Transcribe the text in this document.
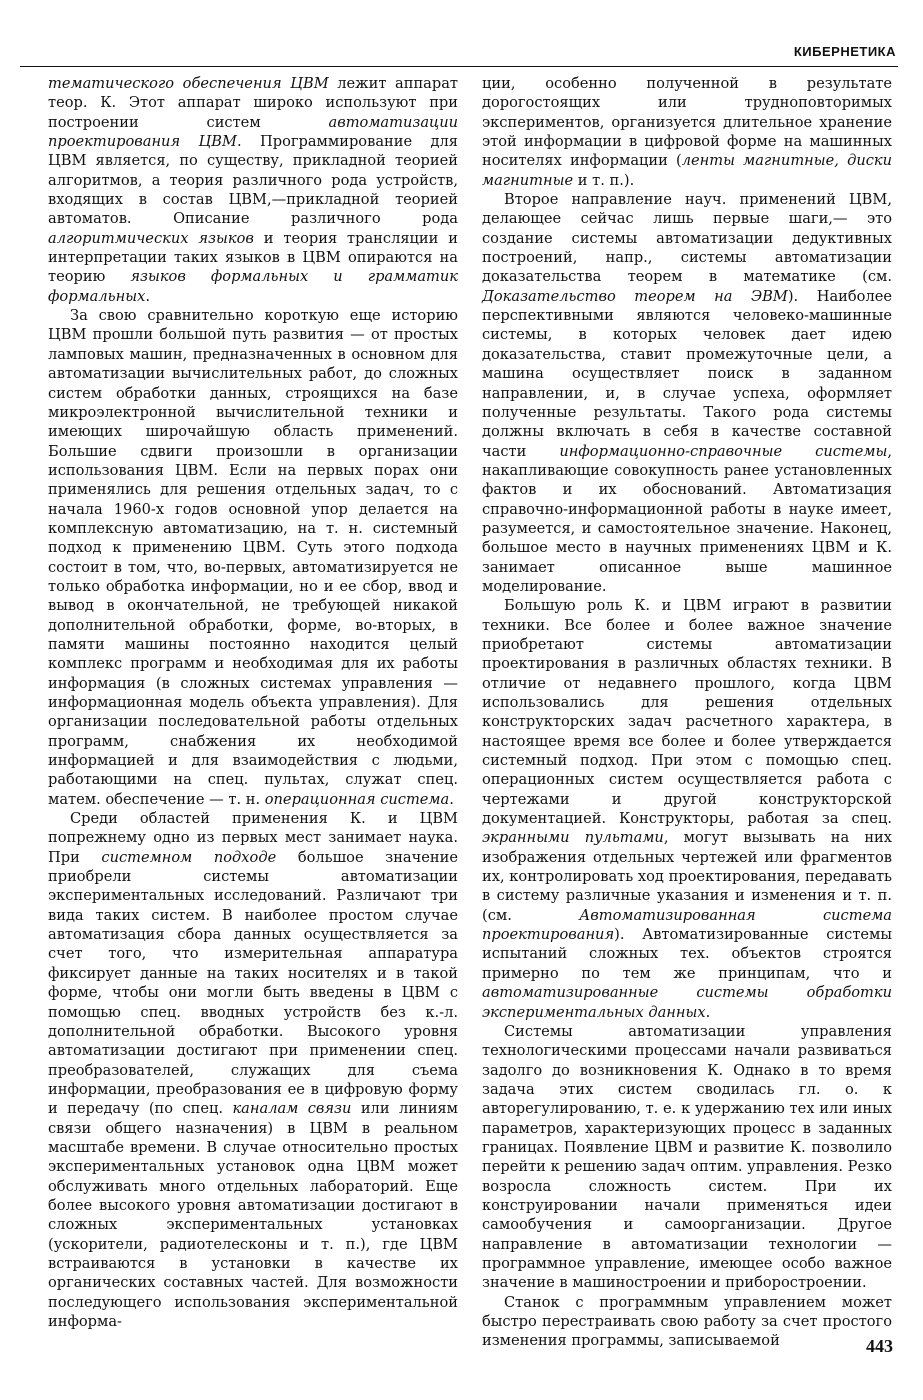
КИБЕРНЕТИКА

тематического обеспечения ЦВМ лежит аппарат теор. К. Этот аппарат широко используют при построении систем автоматизации проектирования ЦВМ. Программирование для ЦВМ является, по существу, прикладной теорией алгоритмов, а теория различного рода устройств, входящих в состав ЦВМ,—прикладной теорией автоматов. Описание различного рода алгоритмических языков и теория трансляции и интерпретации таких языков в ЦВМ опираются на теорию языков формальных и грамматик формальных.

За свою сравнительно короткую еще историю ЦВМ прошли большой путь развития — от простых ламповых машин, предназначенных в основном для автоматизации вычислительных работ, до сложных систем обработки данных, строящихся на базе микроэлектронной вычислительной техники и имеющих широчайшую область применений. Большие сдвиги произошли в организации использования ЦВМ. Если на первых порах они применялись для решения отдельных задач, то с начала 1960-х годов основной упор делается на комплексную автоматизацию, на т. н. системный подход к применению ЦВМ. Суть этого подхода состоит в том, что, во-первых, автоматизируется не только обработка информации, но и ее сбор, ввод и вывод в окончательной, не требующей никакой дополнительной обработки, форме, во-вторых, в памяти машины постоянно находится целый комплекс программ и необходимая для их работы информация (в сложных системах управления — информационная модель объекта управления). Для организации последовательной работы отдельных программ, снабжения их необходимой информацией и для взаимодействия с людьми, работающими на спец. пультах, служат спец. матем. обеспечение — т. н. операционная система.

Среди областей применения К. и ЦВМ попрежнему одно из первых мест занимает наука. При системном подходе большое значение приобрели системы автоматизации экспериментальных исследований. Различают три вида таких систем. В наиболее простом случае автоматизация сбора данных осуществляется за счет того, что измерительная аппаратура фиксирует данные на таких носителях и в такой форме, чтобы они могли быть введены в ЦВМ с помощью спец. вводных устройств без к.-л. дополнительной обработки. Высокого уровня автоматизации достигают при применении спец. преобразователей, служащих для съема информации, преобразования ее в цифровую форму и передачу (по спец. каналам связи или линиям связи общего назначения) в ЦВМ в реальном масштабе времени. В случае относительно простых экспериментальных установок одна ЦВМ может обслуживать много отдельных лабораторий. Еще более высокого уровня автоматизации достигают в сложных экспериментальных установках (ускорители, радиотелесконы и т. п.), где ЦВМ встраиваются в установки в качестве их органических составных частей. Для возможности последующего использования экспериментальной информа-

ции, особенно полученной в результате дорогостоящих или труднoповторимых экспериментов, организуется длительное хранение этой информации в цифровой форме на машинных носителях информации (ленты магнитные, диски магнитные и т. п.).

Второе направление науч. применений ЦВМ, делающее сейчас лишь первые шаги,— это создание системы автоматизации дедуктивных построений, напр., системы автоматизации доказательства теорем в математике (см. Доказательство теорем на ЭВМ). Наиболее перспективными являются человеко-машинные системы, в которых человек дает идею доказательства, ставит промежуточные цели, а машина осуществляет поиск в заданном направлении, и, в случае успеха, оформляет полученные результаты. Такого рода системы должны включать в себя в качестве составной части информационно-справочные системы, накапливающие совокупность ранее установленных фактов и их обоснований. Автоматизация справочно-информационной работы в науке имеет, разумеется, и самостоятельное значение. Наконец, большое место в научных применениях ЦВМ и К. занимает описанное выше машинное моделирование.

Большую роль К. и ЦВМ играют в развитии техники. Все более и более важное значение приобретают системы автоматизации проектирования в различных областях техники. В отличие от недавнего прошлого, когда ЦВМ использовались для решения отдельных конструкторских задач расчетного характера, в настоящее время все более и более утверждается системный подход. При этом с помощью спец. операционных систем осуществляется работа с чертежами и другой конструкторской документацией. Конструкторы, работая за спец. экранными пультами, могут вызывать на них изображения отдельных чертежей или фрагментов их, контролировать ход проектирования, передавать в систему различные указания и изменения и т. п. (см. Автоматизированная система проектирования). Автоматизированные системы испытаний сложных тех. объектов строятся примерно по тем же принципам, что и автоматизированные системы обработки экспериментальных данных.

Системы автоматизации управления технологическими процессами начали развиваться задолго до возникновения К. Однако в то время задача этих систем сводилась гл. о. к авторегулированию, т. е. к удержанию тех или иных параметров, характеризующих процесс в заданных границах. Появление ЦВМ и развитие К. позволило перейти к решению задач оптим. управления. Резко возросла сложность систем. При их конструировании начали применяться идеи самообучения и самоорганизации. Другое направление в автоматизации технологии — программное управление, имеющее особо важное значение в машиностроении и приборостроении.

Станок с программным управлением может быстро перестраивать свою работу за счет простого изменения программы, записываемой	443
